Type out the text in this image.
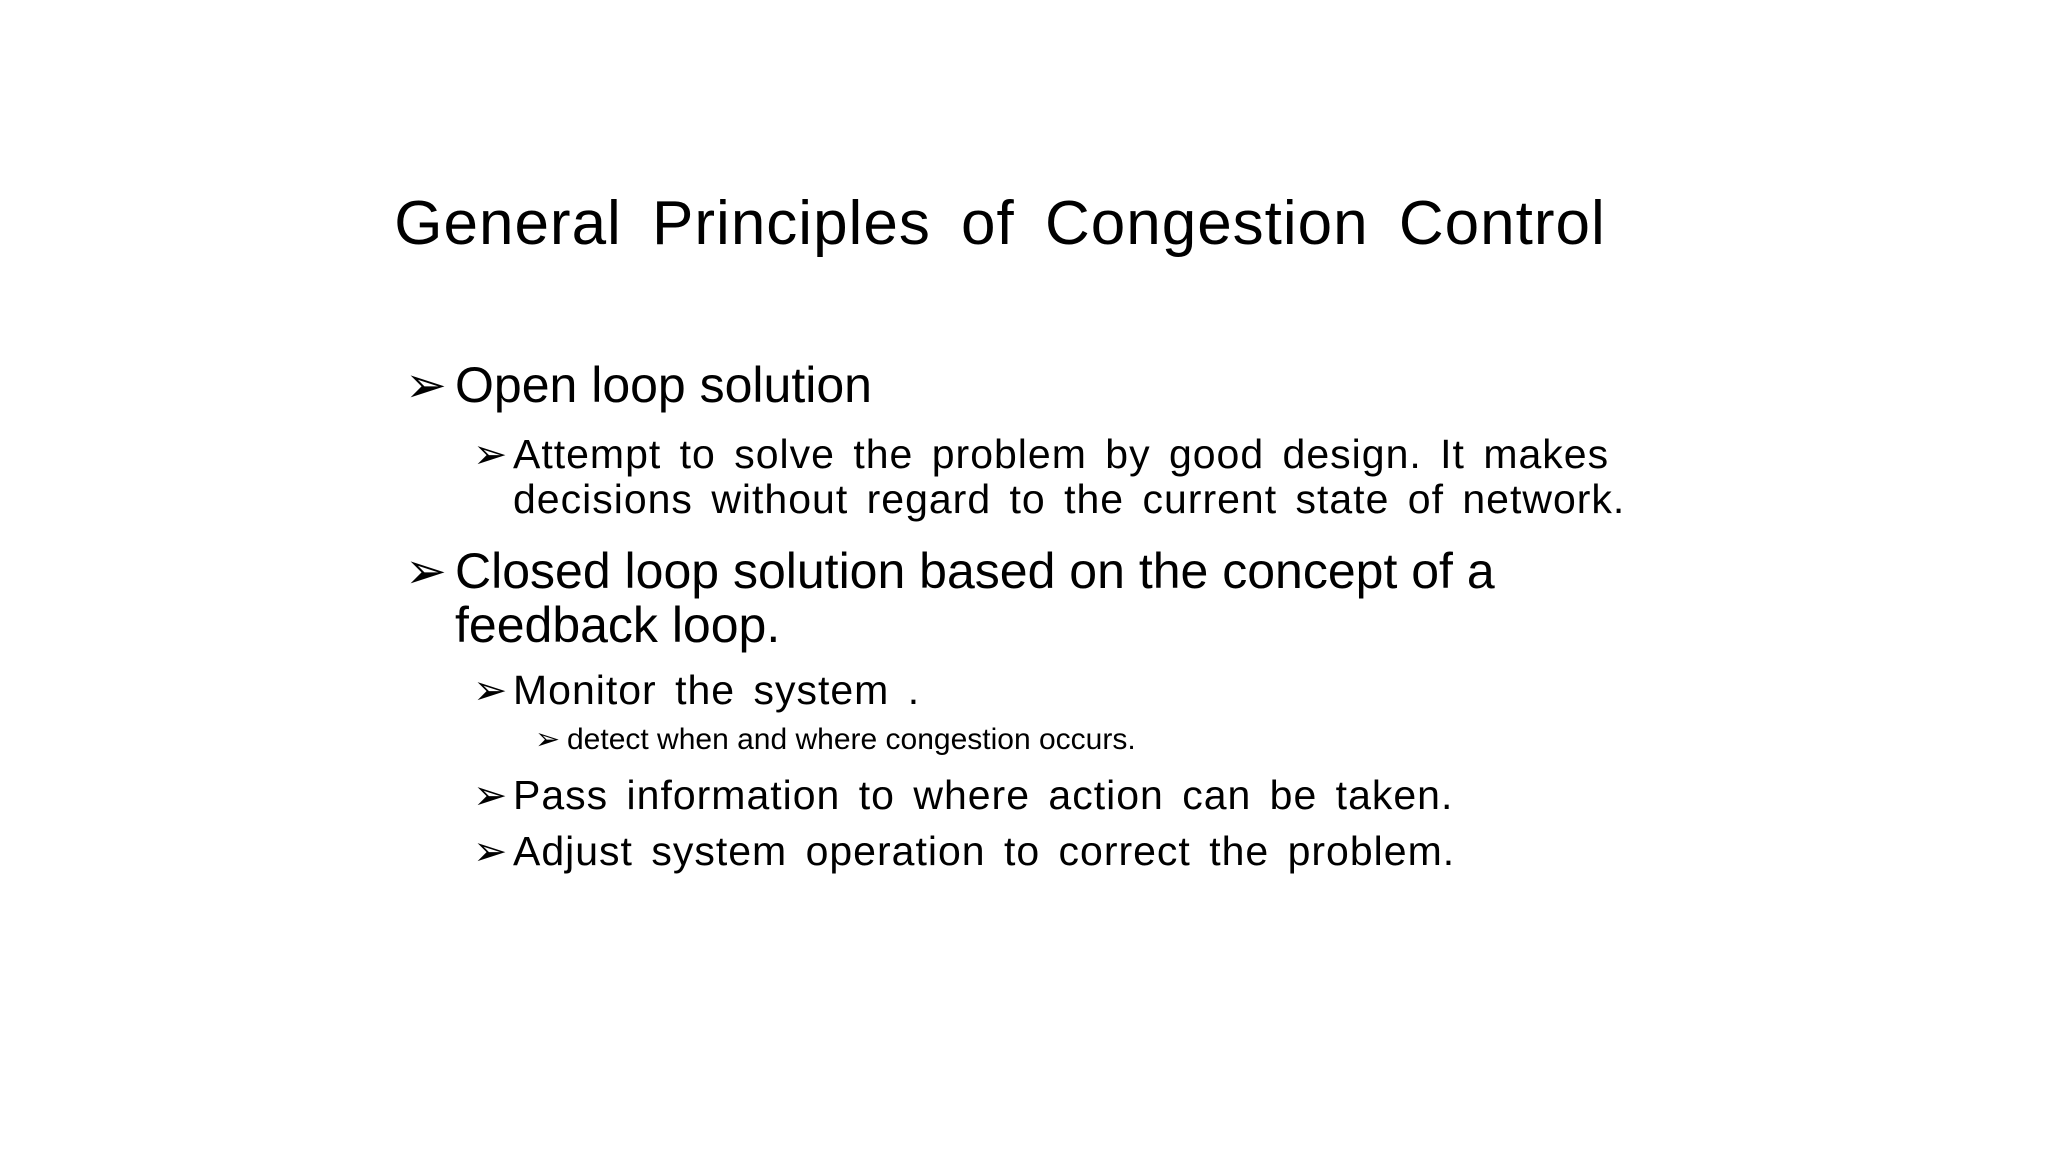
General Principles of Congestion Control
➢ Open loop solution
➢ Attempt to solve the problem by good design. It makes decisions without regard to the current state of network.
➢ Closed loop solution based on the concept of a feedback loop.
➢ Monitor the system .
➢ detect when and where congestion occurs.
➢ Pass information to where action can be taken.
➢ Adjust system operation to correct the problem.
